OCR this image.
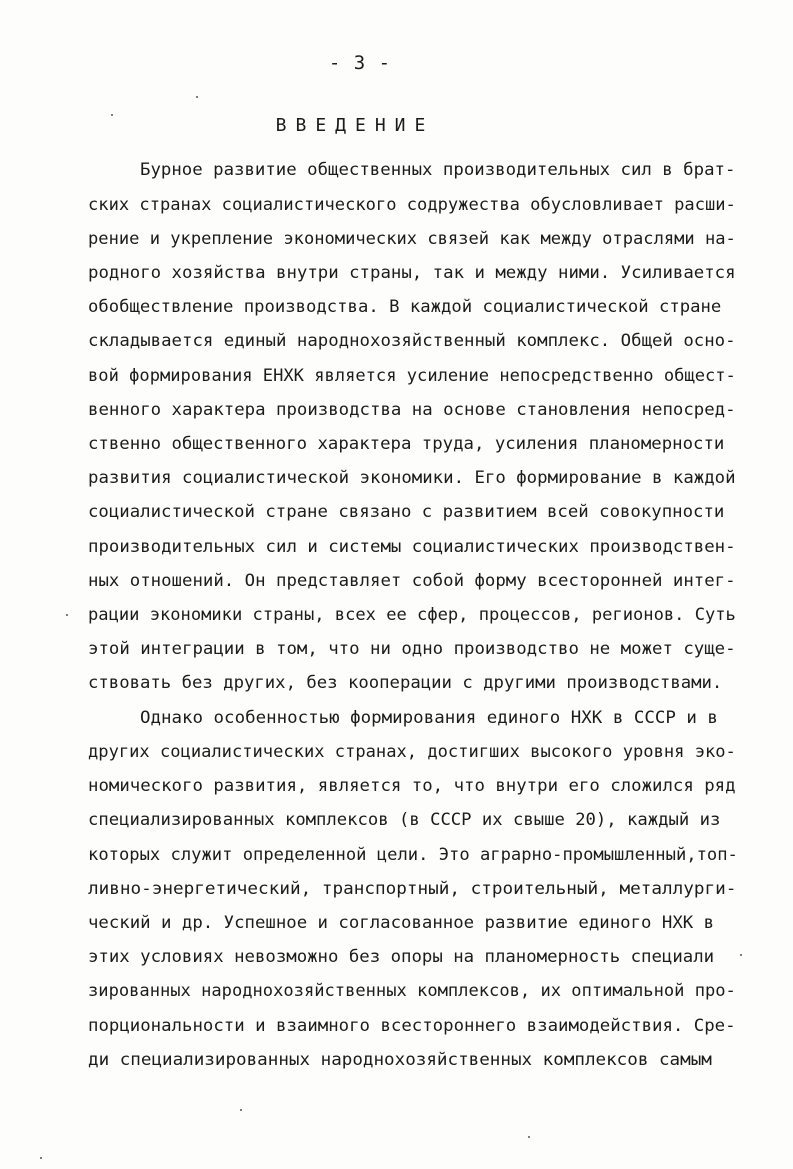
- 3 -
ВВЕДЕНИЕ
Бурное развитие общественных производительных сил в брат-
ских странах социалистического содружества обусловливает расши-
рение и укрепление экономических связей как между отраслями на-
родного хозяйства внутри страны, так и между ними. Усиливается
обобществление производства. В каждой социалистической стране
складывается единый народнохозяйственный комплекс. Общей осно-
вой формирования ЕНХК является усиление непосредственно общест-
венного характера производства на основе становления непосред-
ственно общественного характера труда, усиления планомерности
развития социалистической экономики. Его формирование в каждой
социалистической стране связано с развитием всей совокупности
производительных сил и системы социалистических производствен-
ных отношений. Он представляет собой форму всесторонней интег-
рации экономики страны, всех ее сфер, процессов, регионов. Суть
этой интеграции в том, что ни одно производство не может суще-
ствовать без других, без кооперации с другими производствами.
Однако особенностью формирования единого НХК в СССР и в
других социалистических странах, достигших высокого уровня эко-
номического развития, является то, что внутри его сложился ряд
специализированных комплексов (в СССР их свыше 20), каждый из
которых служит определенной цели. Это аграрно-промышленный,топ-
ливно-энергетический, транспортный, строительный, металлурги-
ческий и др. Успешное и согласованное развитие единого НХК в
этих условиях невозможно без опоры на планомерность специали
зированных народнохозяйственных комплексов, их оптимальной про-
порциональности и взаимного всестороннего взаимодействия. Сре-
ди специализированных народнохозяйственных комплексов самым
